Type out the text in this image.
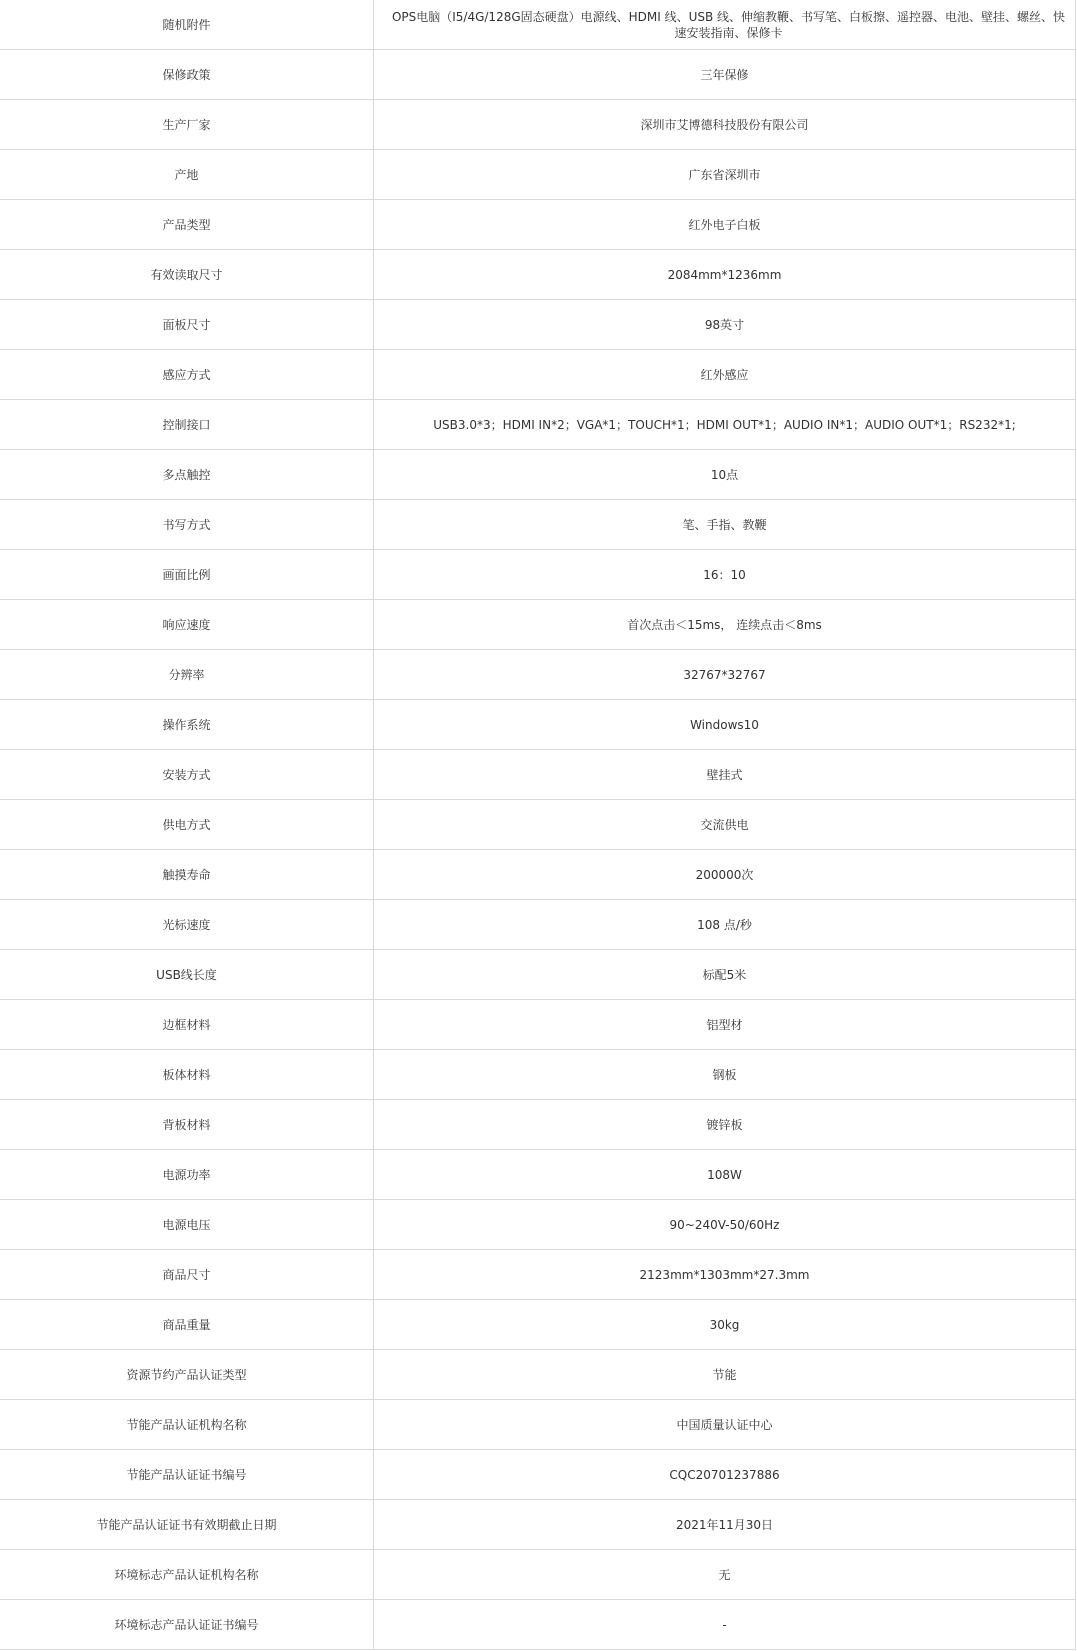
随机附件	OPS电脑（I5/4G/128G固态硬盘）电源线、HDMI 线、USB 线、伸缩教鞭、书写笔、白板擦、遥控器、电池、壁挂、螺丝、快速安装指南、保修卡
保修政策	三年保修
生产厂家	深圳市艾博德科技股份有限公司
产地	广东省深圳市
产品类型	红外电子白板
有效读取尺寸	2084mm*1236mm
面板尺寸	98英寸
感应方式	红外感应
控制接口	USB3.0*3；HDMI IN*2；VGA*1；TOUCH*1；HDMI OUT*1；AUDIO IN*1；AUDIO OUT*1；RS232*1;
多点触控	10点
书写方式	笔、手指、教鞭
画面比例	16：10
响应速度	首次点击＜15ms， 连续点击＜8ms
分辨率	32767*32767
操作系统	Windows10
安装方式	壁挂式
供电方式	交流供电
触摸寿命	200000次
光标速度	108 点/秒
USB线长度	标配5米
边框材料	铝型材
板体材料	钢板
背板材料	镀锌板
电源功率	108W
电源电压	90~240V-50/60Hz
商品尺寸	2123mm*1303mm*27.3mm
商品重量	30kg
资源节约产品认证类型	节能
节能产品认证机构名称	中国质量认证中心
节能产品认证证书编号	CQC20701237886
节能产品认证证书有效期截止日期	2021年11月30日
环境标志产品认证机构名称	无
环境标志产品认证证书编号	-
